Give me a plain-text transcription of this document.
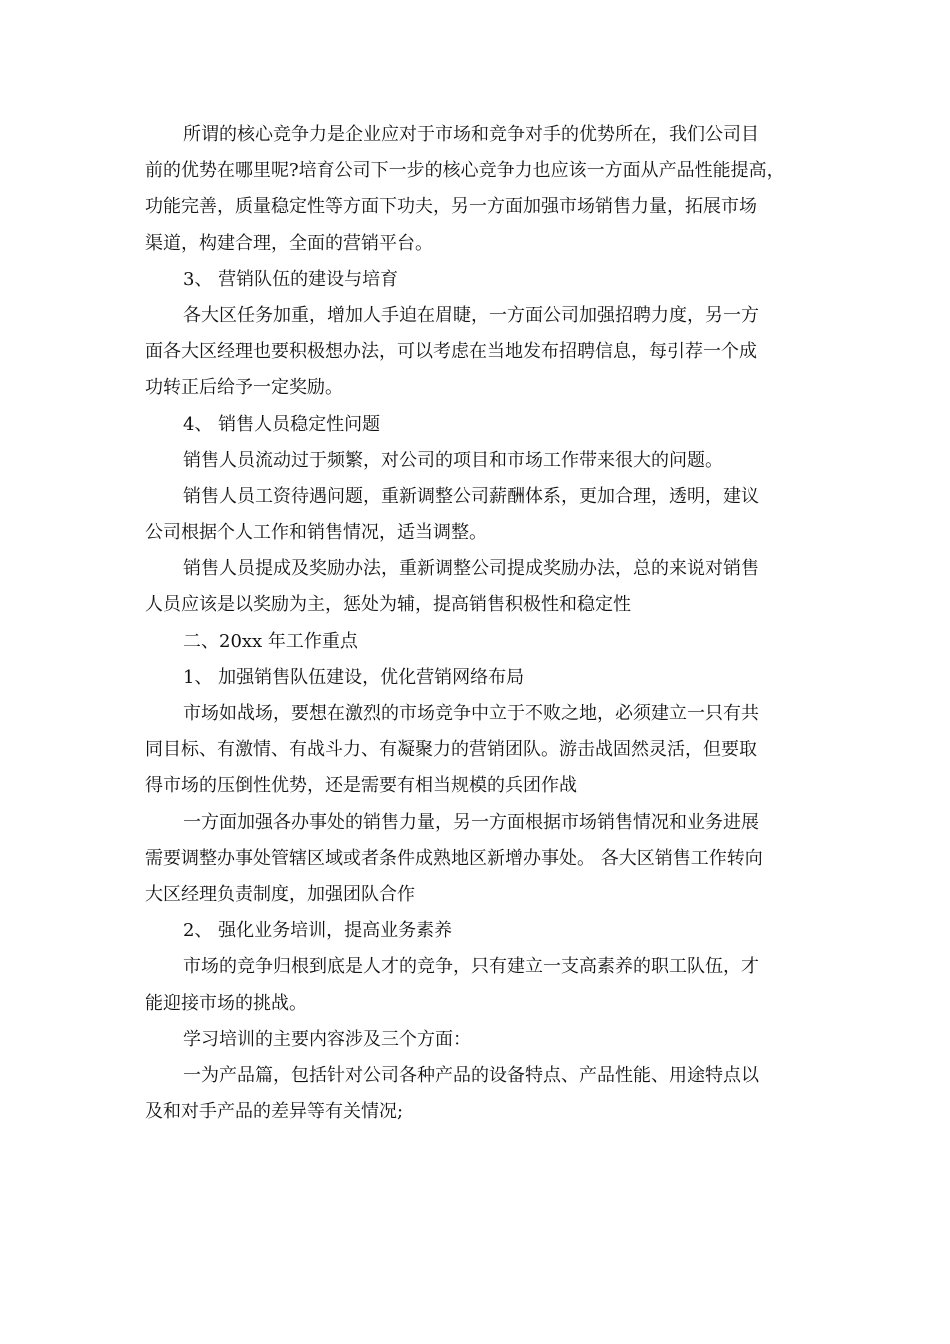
所谓的核心竞争力是企业应对于市场和竞争对手的优势所在，我们公司目
前的优势在哪里呢?培育公司下一步的核心竞争力也应该一方面从产品性能提高，
功能完善，质量稳定性等方面下功夫，另一方面加强市场销售力量，拓展市场
渠道，构建合理，全面的营销平台。
3、 营销队伍的建设与培育
各大区任务加重，增加人手迫在眉睫，一方面公司加强招聘力度，另一方
面各大区经理也要积极想办法，可以考虑在当地发布招聘信息，每引荐一个成
功转正后给予一定奖励。
4、 销售人员稳定性问题
销售人员流动过于频繁，对公司的项目和市场工作带来很大的问题。
销售人员工资待遇问题，重新调整公司薪酬体系，更加合理，透明，建议
公司根据个人工作和销售情况，适当调整。
销售人员提成及奖励办法，重新调整公司提成奖励办法，总的来说对销售
人员应该是以奖励为主，惩处为辅，提高销售积极性和稳定性
二、20xx 年工作重点
1、 加强销售队伍建设，优化营销网络布局
市场如战场，要想在激烈的市场竞争中立于不败之地，必须建立一只有共
同目标、有激情、有战斗力、有凝聚力的营销团队。游击战固然灵活，但要取
得市场的压倒性优势，还是需要有相当规模的兵团作战
一方面加强各办事处的销售力量，另一方面根据市场销售情况和业务进展
需要调整办事处管辖区域或者条件成熟地区新增办事处。 各大区销售工作转向
大区经理负责制度，加强团队合作
2、 强化业务培训，提高业务素养
市场的竞争归根到底是人才的竞争，只有建立一支高素养的职工队伍，才
能迎接市场的挑战。
学习培训的主要内容涉及三个方面：
一为产品篇，包括针对公司各种产品的设备特点、产品性能、用途特点以
及和对手产品的差异等有关情况;
